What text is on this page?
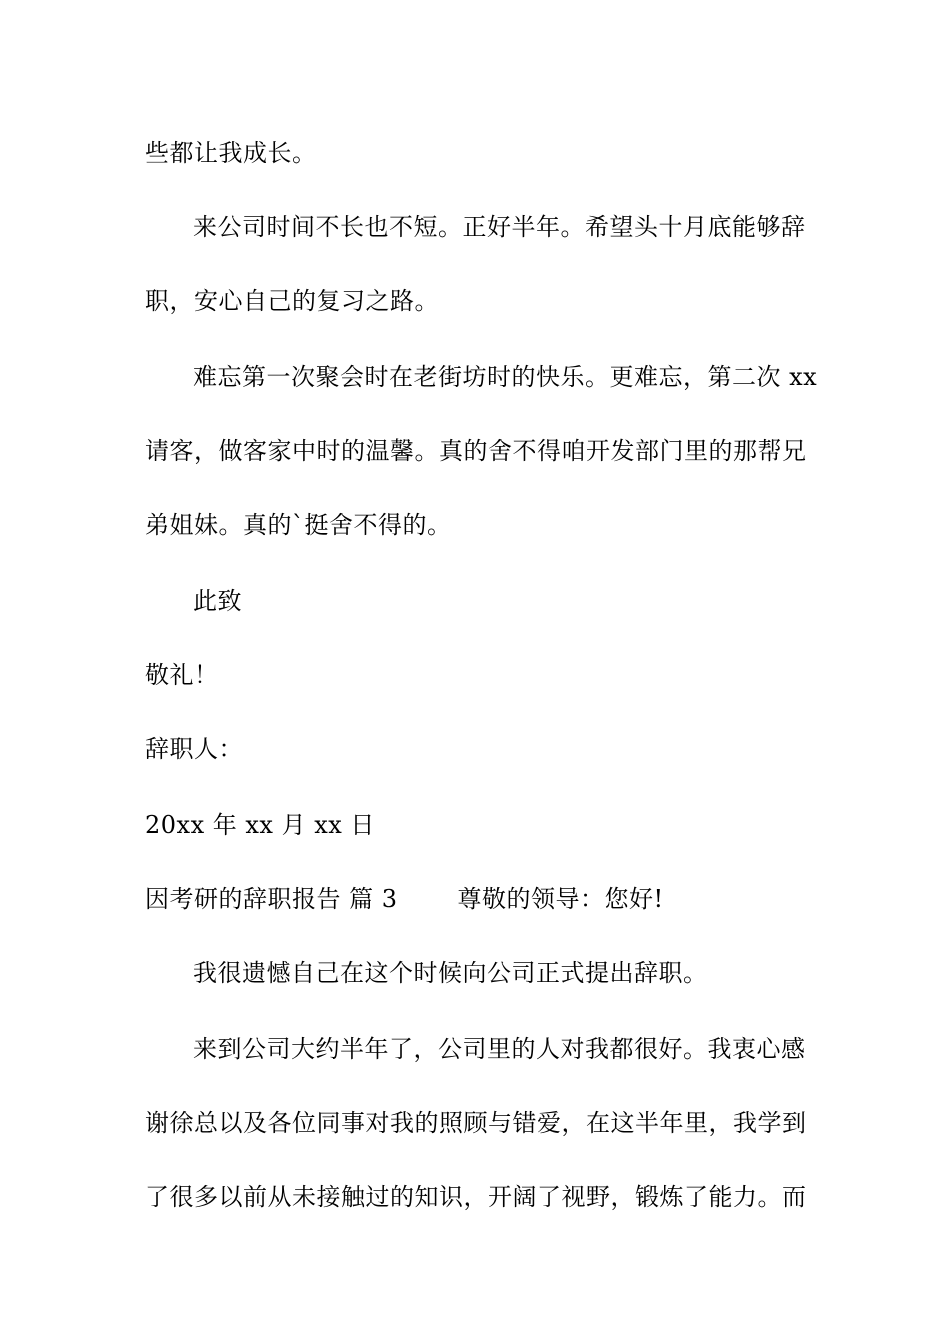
些都让我成长。
来公司时间不长也不短。正好半年。希望头十月底能够辞
职，安心自己的复习之路。
难忘第一次聚会时在老街坊时的快乐。更难忘，第二次 xx
请客，做客家中时的温馨。真的舍不得咱开发部门里的那帮兄
弟姐妹。真的`挺舍不得的。
此致
敬礼！
辞职人：
20xx 年 xx 月 xx 日
因考研的辞职报告 篇 3	尊敬的领导：您好!
我很遗憾自己在这个时候向公司正式提出辞职。
来到公司大约半年了，公司里的人对我都很好。我衷心感
谢徐总以及各位同事对我的照顾与错爱，在这半年里，我学到
了很多以前从未接触过的知识，开阔了视野，锻炼了能力。而
